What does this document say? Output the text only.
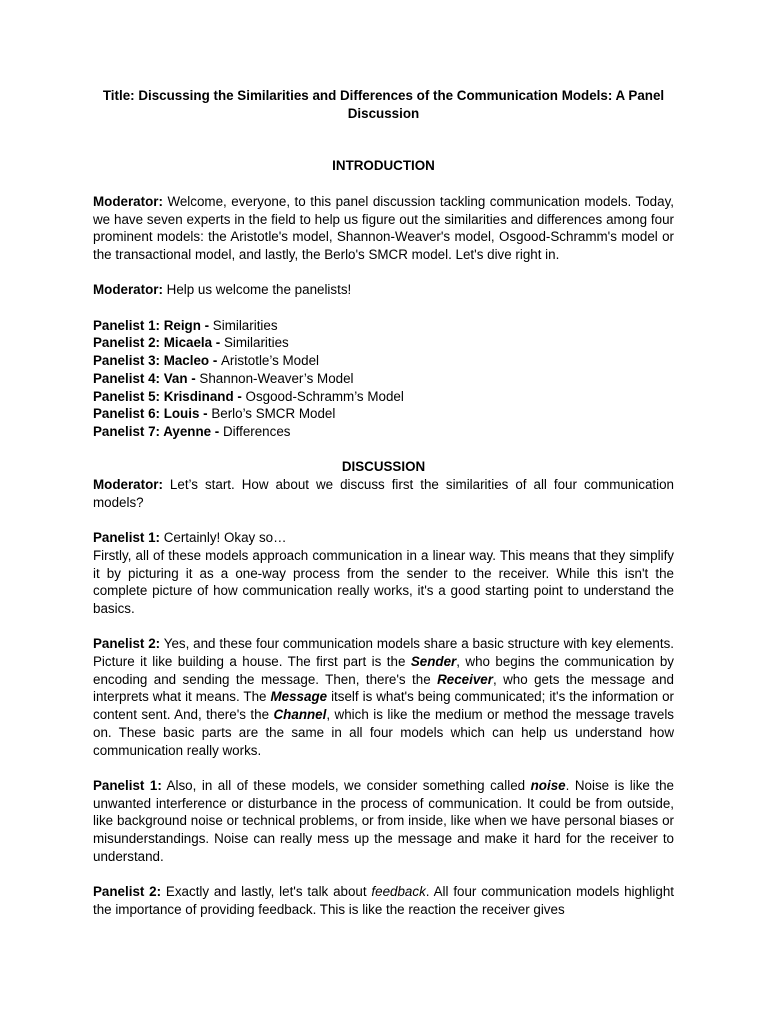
Title: Discussing the Similarities and Differences of the Communication Models: A Panel Discussion

INTRODUCTION

Moderator: Welcome, everyone, to this panel discussion tackling communication models. Today, we have seven experts in the field to help us figure out the similarities and differences among four prominent models: the Aristotle's model, Shannon-Weaver's model, Osgood-Schramm's model or the transactional model, and lastly, the Berlo's SMCR model. Let's dive right in.

Moderator: Help us welcome the panelists!

Panelist 1: Reign - Similarities

Panelist 2: Micaela - Similarities

Panelist 3: Macleo - Aristotle’s Model

Panelist 4: Van - Shannon-Weaver’s Model

Panelist 5: Krisdinand - Osgood-Schramm’s Model

Panelist 6: Louis - Berlo’s SMCR Model

Panelist 7: Ayenne - Differences

DISCUSSION

Moderator: Let’s start. How about we discuss first the similarities of all four communication models?

Panelist 1: Certainly! Okay so…

Firstly, all of these models approach communication in a linear way. This means that they simplify it by picturing it as a one-way process from the sender to the receiver. While this isn't the complete picture of how communication really works, it's a good starting point to understand the basics.

Panelist 2: Yes, and these four communication models share a basic structure with key elements. Picture it like building a house. The first part is the Sender, who begins the communication by encoding and sending the message. Then, there's the Receiver, who gets the message and interprets what it means. The Message itself is what's being communicated; it's the information or content sent. And, there's the Channel, which is like the medium or method the message travels on. These basic parts are the same in all four models which can help us understand how communication really works.

Panelist 1: Also, in all of these models, we consider something called noise. Noise is like the unwanted interference or disturbance in the process of communication. It could be from outside, like background noise or technical problems, or from inside, like when we have personal biases or misunderstandings. Noise can really mess up the message and make it hard for the receiver to understand.

Panelist 2: Exactly and lastly, let's talk about feedback. All four communication models highlight the importance of providing feedback. This is like the reaction the receiver gives
